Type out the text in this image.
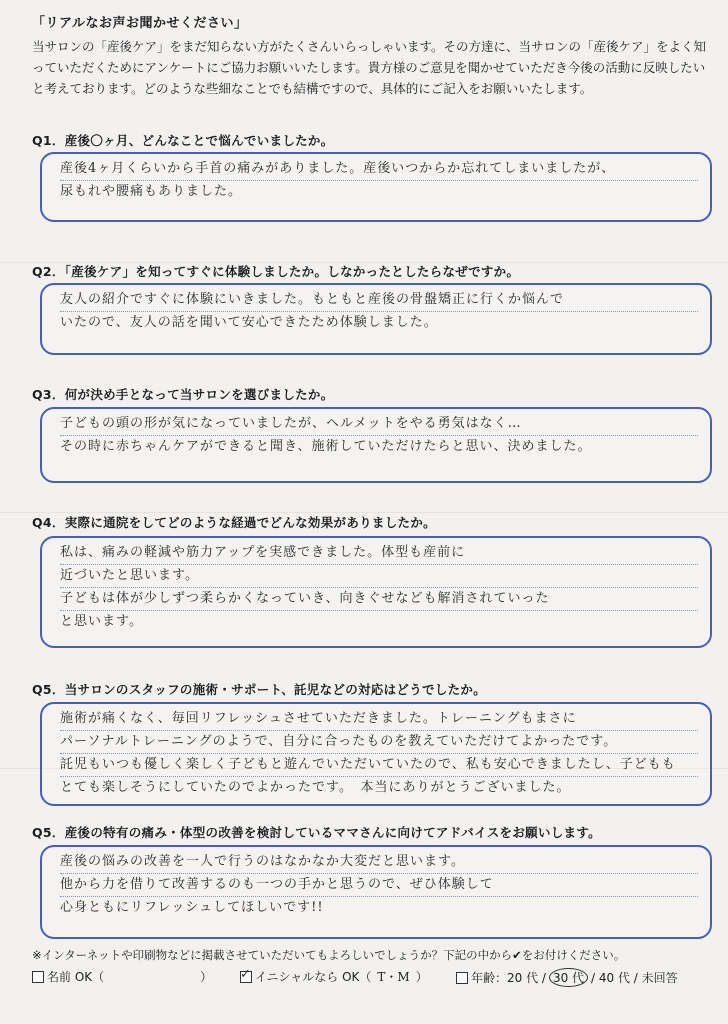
「リアルなお声お聞かせください」
当サロンの「産後ケア」をまだ知らない方がたくさんいらっしゃいます。その方達に、当サロンの「産後ケア」をよく知っていただくためにアンケートにご協力お願いいたします。貴方様のご意見を聞かせていただき今後の活動に反映したいと考えております。どのような些細なことでも結構ですので、具体的にご記入をお願いいたします。
Q1．産後〇ヶ月、どんなことで悩んでいましたか。
産後4ヶ月くらいから手首の痛みがありました。産後いつからか忘れてしまいましたが、
尿もれや腰痛もありました。
Q2．「産後ケア」を知ってすぐに体験しましたか。しなかったとしたらなぜですか。
友人の紹介ですぐに体験にいきました。もともと産後の骨盤矯正に行くか悩んで
いたので、友人の話を聞いて安心できたため体験しました。
Q3．何が決め手となって当サロンを選びましたか。
子どもの頭の形が気になっていましたが、ヘルメットをやる勇気はなく…
その時に赤ちゃんケアができると聞き、施術していただけたらと思い、決めました。
Q4．実際に通院をしてどのような経過でどんな効果がありましたか。
私は、痛みの軽減や筋力アップを実感できました。体型も産前に
近づいたと思います。
子どもは体が少しずつ柔らかくなっていき、向きぐせなども解消されていった
と思います。
Q5．当サロンのスタッフの施術・サポート、託児などの対応はどうでしたか。
施術が痛くなく、毎回リフレッシュさせていただきました。トレーニングもまさに
パーソナルトレーニングのようで、自分に合ったものを教えていただけてよかったです。
託児もいつも優しく楽しく子どもと遊んでいただいていたので、私も安心できましたし、子どもも
とても楽しそうにしていたのでよかったです。　本当にありがとうございました。
Q5．産後の特有の痛み・体型の改善を検討しているママさんに向けてアドバイスをお願いします。
産後の悩みの改善を一人で行うのはなかなか大変だと思います。
他から力を借りて改善するのも一つの手かと思うので、ぜひ体験して
心身ともにリフレッシュしてほしいです!!
※インターネットや印刷物などに掲載させていただいてもよろしいでしょうか？下記の中から✔をお付けください。
名前 OK（	）
✓	イニシャルなら OK（ T・M ）	年齢：20 代 / 30 代 / 40 代 / 未回答
